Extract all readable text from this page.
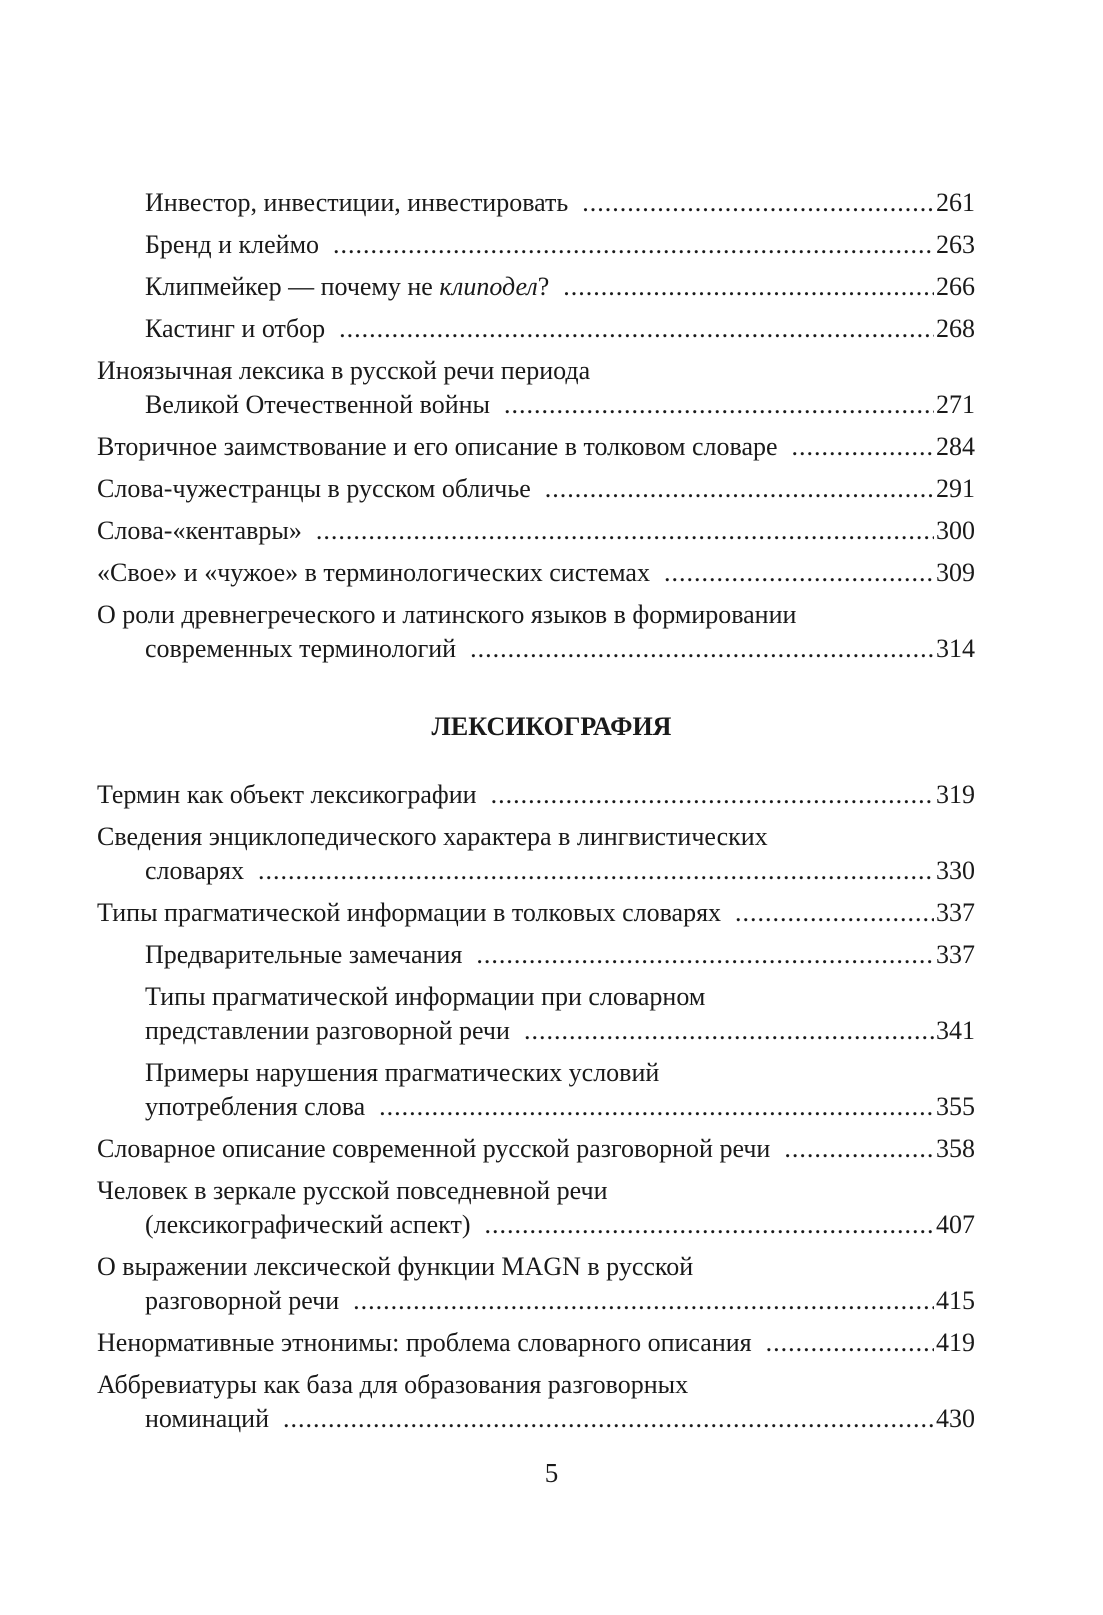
Инвестор, инвестиции, инвестировать .....	261
Бренд и клеймо .....	263
Клипмейкер — почему не клиподел? .....	266
Кастинг и отбор .....	268
Иноязычная лексика в русской речи периода
Великой Отечественной войны .....	271
Вторичное заимствование и его описание в толковом словаре .....	284
Слова-чужестранцы в русском обличье .....	291
Слова-«кентавры» .....	300
«Свое» и «чужое» в терминологических системах .....	309
О роли древнегреческого и латинского языков в формировании
современных терминологий .....	314
ЛЕКСИКОГРАФИЯ
Термин как объект лексикографии .....	319
Сведения энциклопедического характера в лингвистических
словарях .....	330
Типы прагматической информации в толковых словарях .....	337
Предварительные замечания .....	337
Типы прагматической информации при словарном
представлении разговорной речи .....	341
Примеры нарушения прагматических условий
употребления слова .....	355
Словарное описание современной русской разговорной речи .....	358
Человек в зеркале русской повседневной речи
(лексикографический аспект) .....	407
О выражении лексической функции MAGN в русской
разговорной речи .....	415
Ненормативные этнонимы: проблема словарного описания .....	419
Аббревиатуры как база для образования разговорных
номинаций .....	430
5
